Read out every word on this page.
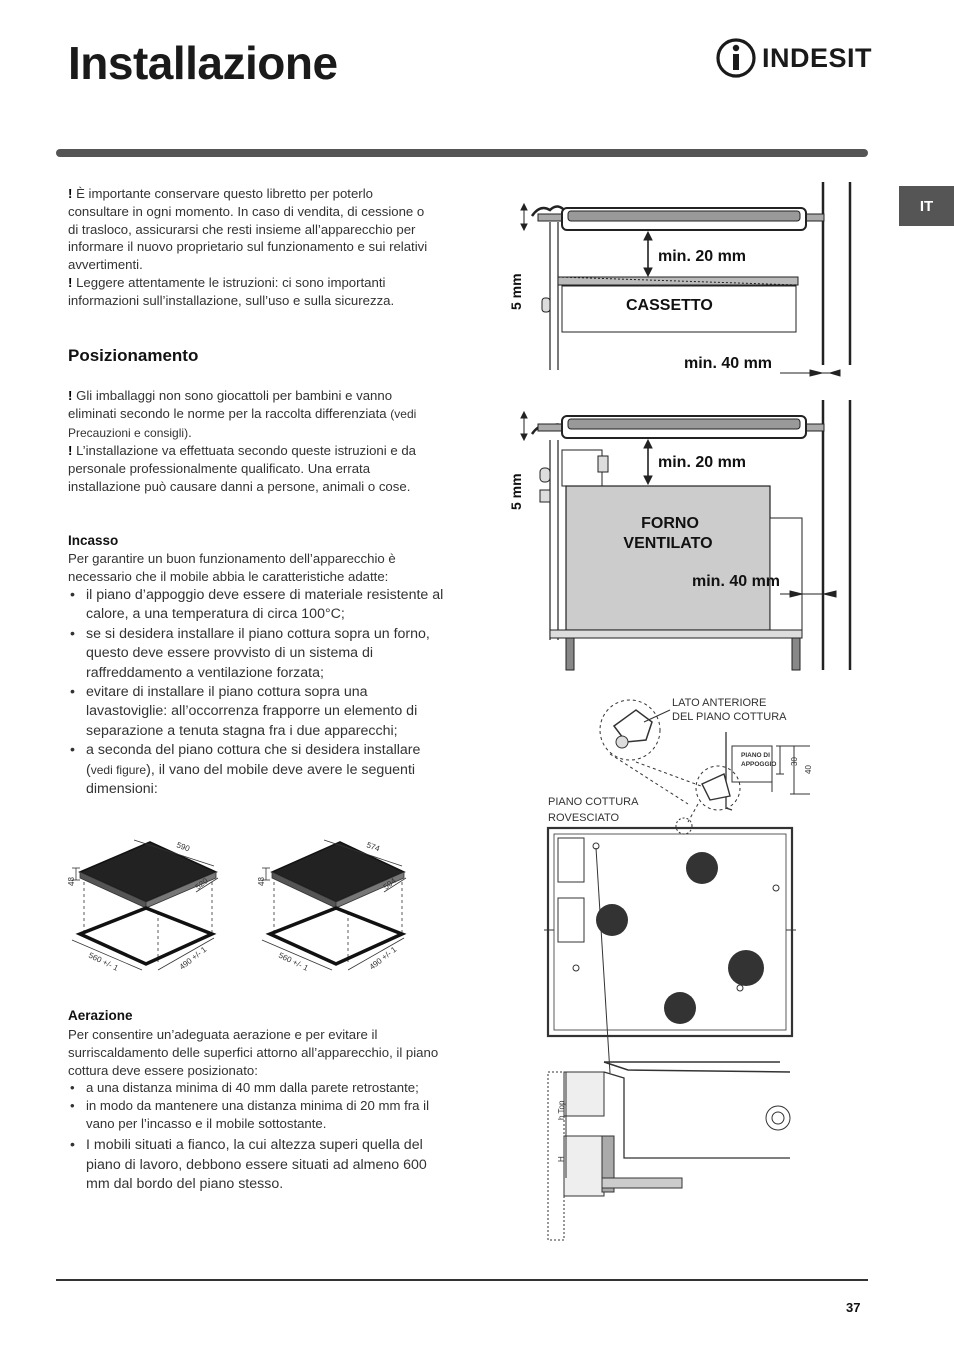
Installazione	INDESIT
IT

! È importante conservare questo libretto per poterlo consultare in ogni momento. In caso di vendita, di cessione o di trasloco, assicurarsi che resti insieme all’apparecchio per informare il nuovo proprietario sul funzionamento e sui relativi avvertimenti.

! Leggere attentamente le istruzioni: ci sono importanti informazioni sull’installazione, sull’uso e sulla sicurezza.

Posizionamento

! Gli imballaggi non sono giocattoli per bambini e vanno eliminati secondo le norme per la raccolta differenziata (vedi Precauzioni e consigli).

! L’installazione va effettuata secondo queste istruzioni e da personale professionalmente qualificato. Una errata installazione può causare danni a persone, animali o cose.

Incasso
Per garantire un buon funzionamento dell’apparecchio è necessario che il mobile abbia le caratteristiche adatte:
• il piano d’appoggio deve essere di materiale resistente al calore, a una temperatura di circa 100°C;
• se si desidera installare il piano cottura sopra un forno, questo deve essere provvisto di un sistema di raffreddamento a ventilazione forzata;
• evitare di installare il piano cottura sopra una lavastoviglie: all’occorrenza frapporre un elemento di separazione a tenuta stagna fra i due apparecchi;
• a seconda del piano cottura che si desidera installare (vedi figure), il vano del mobile deve avere le seguenti dimensioni:
590
520
48
560 +/- 1	490 +/- 1
574
504
48
560 +/- 1	490 +/- 1
Aerazione
Per consentire un’adeguata aerazione e per evitare il surriscaldamento delle superfici attorno all’apparecchio, il piano cottura deve essere posizionato:
• a una distanza minima di 40 mm dalla parete retrostante;
• in modo da mantenere una distanza minima di 20 mm fra il vano per l’incasso e il mobile sottostante.
• I mobili situati a fianco, la cui altezza superi quella del piano di lavoro, debbono essere situati ad almeno 600 mm dal bordo del piano stesso.
min. 20 mm
5 mm	CASSETTO
min. 40 mm
min. 20 mm
5 mm
FORNO
VENTILATO
min. 40 mm
LATO ANTERIORE
DEL PIANO COTTURA
PIANO DI
APPOGGIO 30
40
PIANO COTTURA
ROVESCIATO
h Top
H
37
